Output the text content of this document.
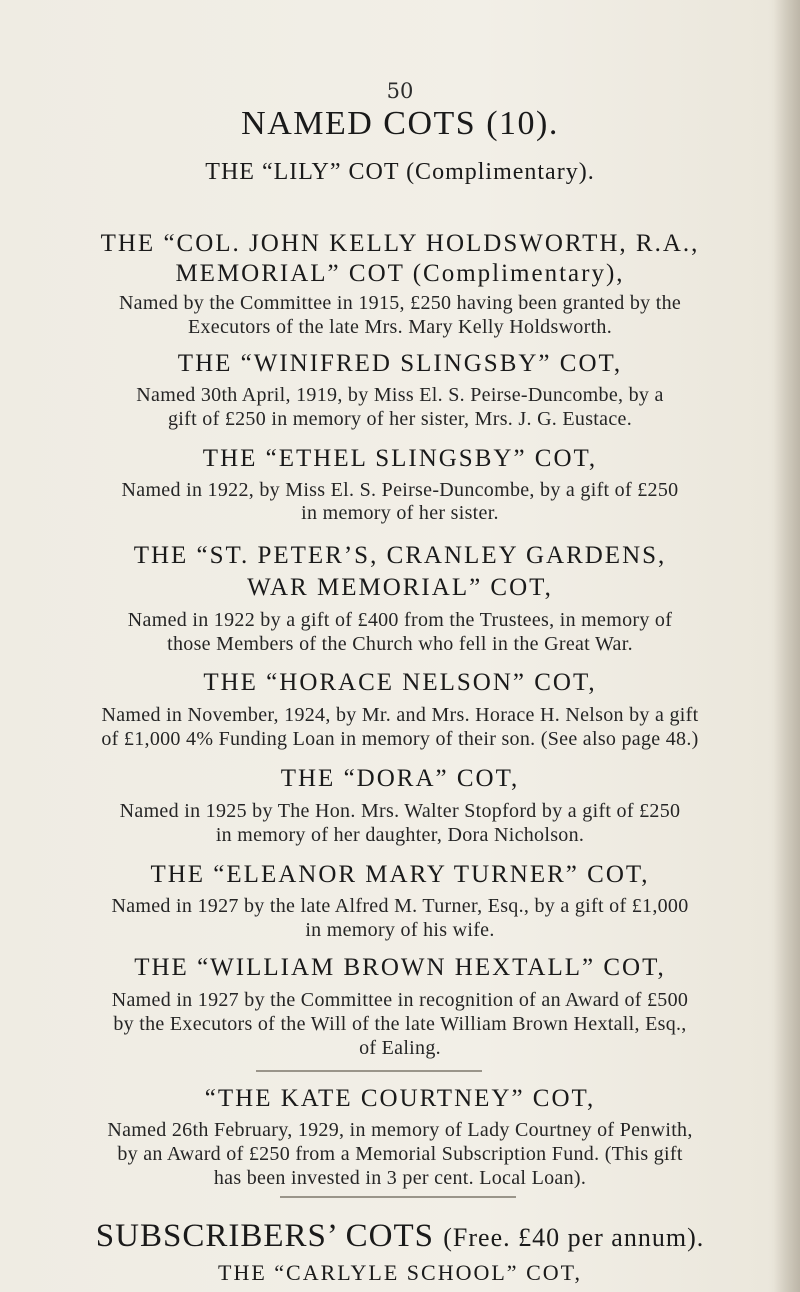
50
NAMED COTS (10).
THE “LILY” COT (Complimentary).
THE “COL. JOHN KELLY HOLDSWORTH, R.A.,
MEMORIAL” COT (Complimentary),
Named by the Committee in 1915, £250 having been granted by the
Executors of the late Mrs. Mary Kelly Holdsworth.
THE “WINIFRED SLINGSBY” COT,
Named 30th April, 1919, by Miss El. S. Peirse-Duncombe, by a
gift of £250 in memory of her sister, Mrs. J. G. Eustace.
THE “ETHEL SLINGSBY” COT,
Named in 1922, by Miss El. S. Peirse-Duncombe, by a gift of £250
in memory of her sister.
THE “ST. PETER’S, CRANLEY GARDENS,
WAR MEMORIAL” COT,
Named in 1922 by a gift of £400 from the Trustees, in memory of
those Members of the Church who fell in the Great War.
THE “HORACE NELSON” COT,
Named in November, 1924, by Mr. and Mrs. Horace H. Nelson by a gift
of £1,000 4% Funding Loan in memory of their son. (See also page 48.)
THE “DORA” COT,
Named in 1925 by The Hon. Mrs. Walter Stopford by a gift of £250
in memory of her daughter, Dora Nicholson.
THE “ELEANOR MARY TURNER” COT,
Named in 1927 by the late Alfred M. Turner, Esq., by a gift of £1,000
in memory of his wife.
THE “WILLIAM BROWN HEXTALL” COT,
Named in 1927 by the Committee in recognition of an Award of £500
by the Executors of the Will of the late William Brown Hextall, Esq.,
of Ealing.
“THE KATE COURTNEY” COT,
Named 26th February, 1929, in memory of Lady Courtney of Penwith,
by an Award of £250 from a Memorial Subscription Fund. (This gift
has been invested in 3 per cent. Local Loan).
SUBSCRIBERS’ COTS (Free. £40 per annum).
THE “CARLYLE SCHOOL” COT,
